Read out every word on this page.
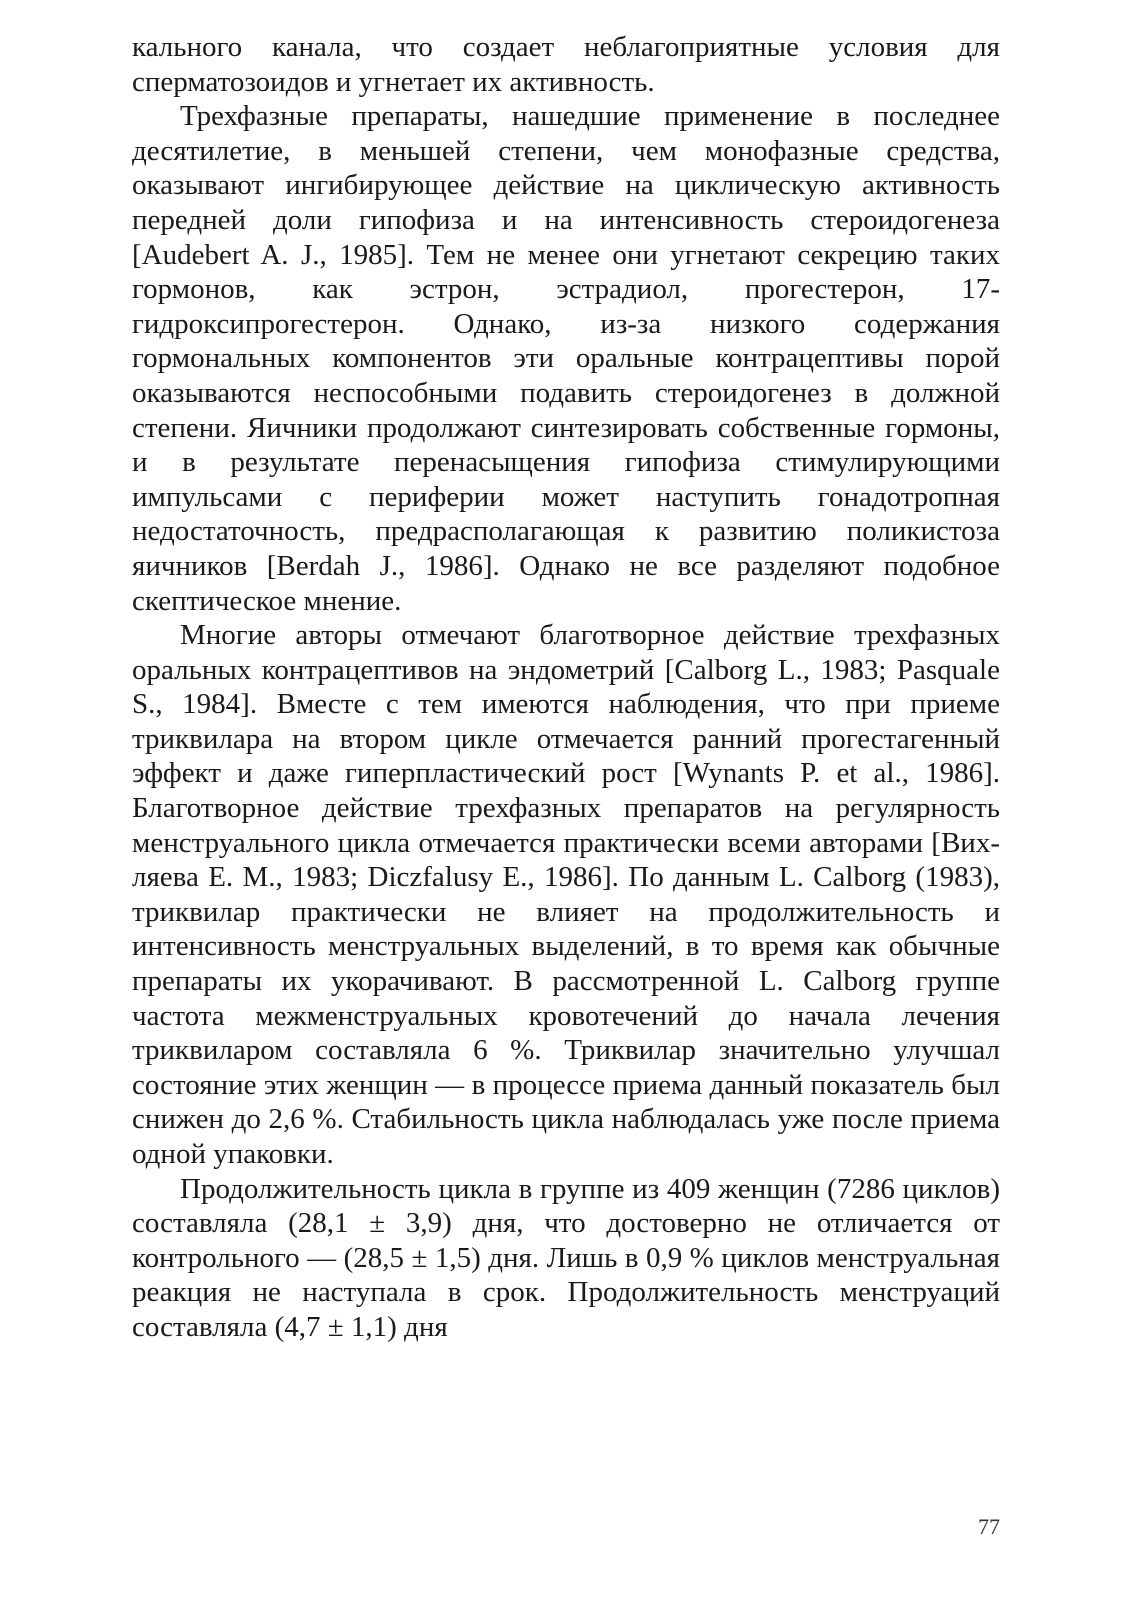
кального канала, что создает неблагоприятные условия для сперматозоидов и угнетает их активность.

Трехфазные препараты, нашедшие применение в последнее десятилетие, в меньшей степени, чем монофазные средства, оказывают ингибирующее действие на циклическую активность передней доли гипофиза и на интенсивность стероидогенеза [Audebert A. J., 1985]. Тем не менее они угнетают секрецию таких гормонов, как эстрон, эстрадиол, прогестерон, 17-гидроксипрогестерон. Однако, из-за низкого содержания гормональных компонентов эти оральные контрацептивы порой оказываются неспособными подавить стероидогенез в должной степени. Яичники продолжают синтезировать собственные гормоны, и в результате перенасыщения гипофиза стимулирующими импульсами с периферии может наступить гонадотропная недостаточность, предрасполагающая к развитию поликистоза яичников [Berdah J., 1986]. Однако не все разделяют подобное скептическое мнение.

Многие авторы отмечают благотворное действие трехфазных оральных контрацептивов на эндометрий [Calborg L., 1983; Pasquale S., 1984]. Вместе с тем имеются наблюдения, что при приеме триквилара на втором цикле отмечается ранний прогестагенный эффект и даже гиперпластический рост [Wynants P. et al., 1986]. Благотворное действие трехфазных препаратов на регулярность менструального цикла отмечается практически всеми авторами [Вихляева Е. М., 1983; Diczfalusy E., 1986]. По данным L. Calborg (1983), триквилар практически не влияет на продолжительность и интенсивность менструальных выделений, в то время как обычные препараты их укорачивают. В рассмотренной L. Calborg группе частота межменструальных кровотечений до начала лечения триквиларом составляла 6 %. Триквилар значительно улучшал состояние этих женщин — в процессе приема данный показатель был снижен до 2,6 %. Стабильность цикла наблюдалась уже после приема одной упаковки.

Продолжительность цикла в группе из 409 женщин (7286 циклов) составляла (28,1 ± 3,9) дня, что достоверно не отличается от контрольного — (28,5 ± 1,5) дня. Лишь в 0,9 % циклов менструальная реакция не наступала в срок. Продолжительность менструаций составляла (4,7 ± 1,1) дня

77
